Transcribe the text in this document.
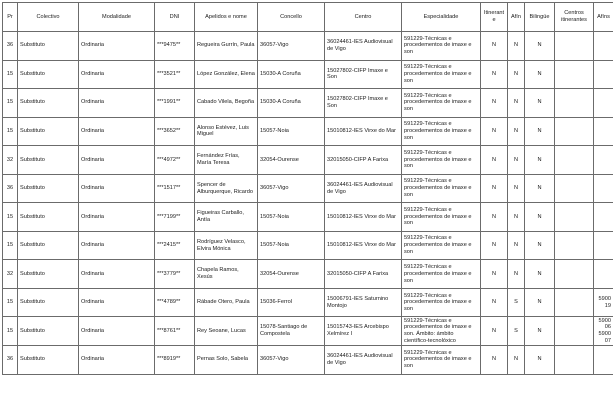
Pr	Colectivo	Modalidade	DNI	Apelidos e nome	Concello	Centro	Especialidade	Itinerante	Afín	Bilingüe	Centros itinerantes	Afíns
36	Substituto	Ordinaria	***9475**	Regueira Gurrín, Paula	36057-Vigo	36024461-IES Audiovisual de Vigo	591229-Técnicas e procedementos de imaxe e son	N	N	N		
15	Substituto	Ordinaria	***3521**	López González, Elena	15030-A Coruña	15027802-CIFP Imaxe e Son	591229-Técnicas e procedementos de imaxe e son	N	N	N		
15	Substituto	Ordinaria	***1991**	Cabado Vilela, Begoña	15030-A Coruña	15027802-CIFP Imaxe e Son	591229-Técnicas e procedementos de imaxe e son	N	N	N		
15	Substituto	Ordinaria	***3652**	Alonso Estévez, Luis Miguel	15057-Noia	15010812-IES Virxe do Mar	591229-Técnicas e procedementos de imaxe e son	N	N	N		
32	Substituto	Ordinaria	***4972**	Fernández Frías, María Teresa	32054-Ourense	32015050-CIFP A Farixa	591229-Técnicas e procedementos de imaxe e son	N	N	N		
36	Substituto	Ordinaria	***1517**	Spencer de Alburquerque, Ricardo	36057-Vigo	36024461-IES Audiovisual de Vigo	591229-Técnicas e procedementos de imaxe e son	N	N	N		
15	Substituto	Ordinaria	***7199**	Figueiras Carballo, Antía	15057-Noia	15010812-IES Virxe do Mar	591229-Técnicas e procedementos de imaxe e son	N	N	N		
15	Substituto	Ordinaria	***2415**	Rodríguez Velasco, Elvira Mónica	15057-Noia	15010812-IES Virxe do Mar	591229-Técnicas e procedementos de imaxe e son	N	N	N		
32	Substituto	Ordinaria	***3779**	Chapela Ramos, Xesús	32054-Ourense	32015050-CIFP A Farixa	591229-Técnicas e procedementos de imaxe e son	N	N	N		
15	Substituto	Ordinaria	***4789**	Rábade Otero, Paula	15036-Ferrol	15006791-IES Saturnino Montojo	591229-Técnicas e procedementos de imaxe e son	N	S	N		590019
15	Substituto	Ordinaria	***8761**	Rey Seoane, Lucas	15078-Santiago de Compostela	15015743-IES Arcebispo Xelmírez I	591229-Técnicas e procedementos de imaxe e son. Ámbito: ámbito científico-tecnolóxico	N	S	N		590006 590007
36	Substituto	Ordinaria	***8919**	Pernas Solo, Sabela	36057-Vigo	36024461-IES Audiovisual de Vigo	591229-Técnicas e procedementos de imaxe e son	N	N	N		
